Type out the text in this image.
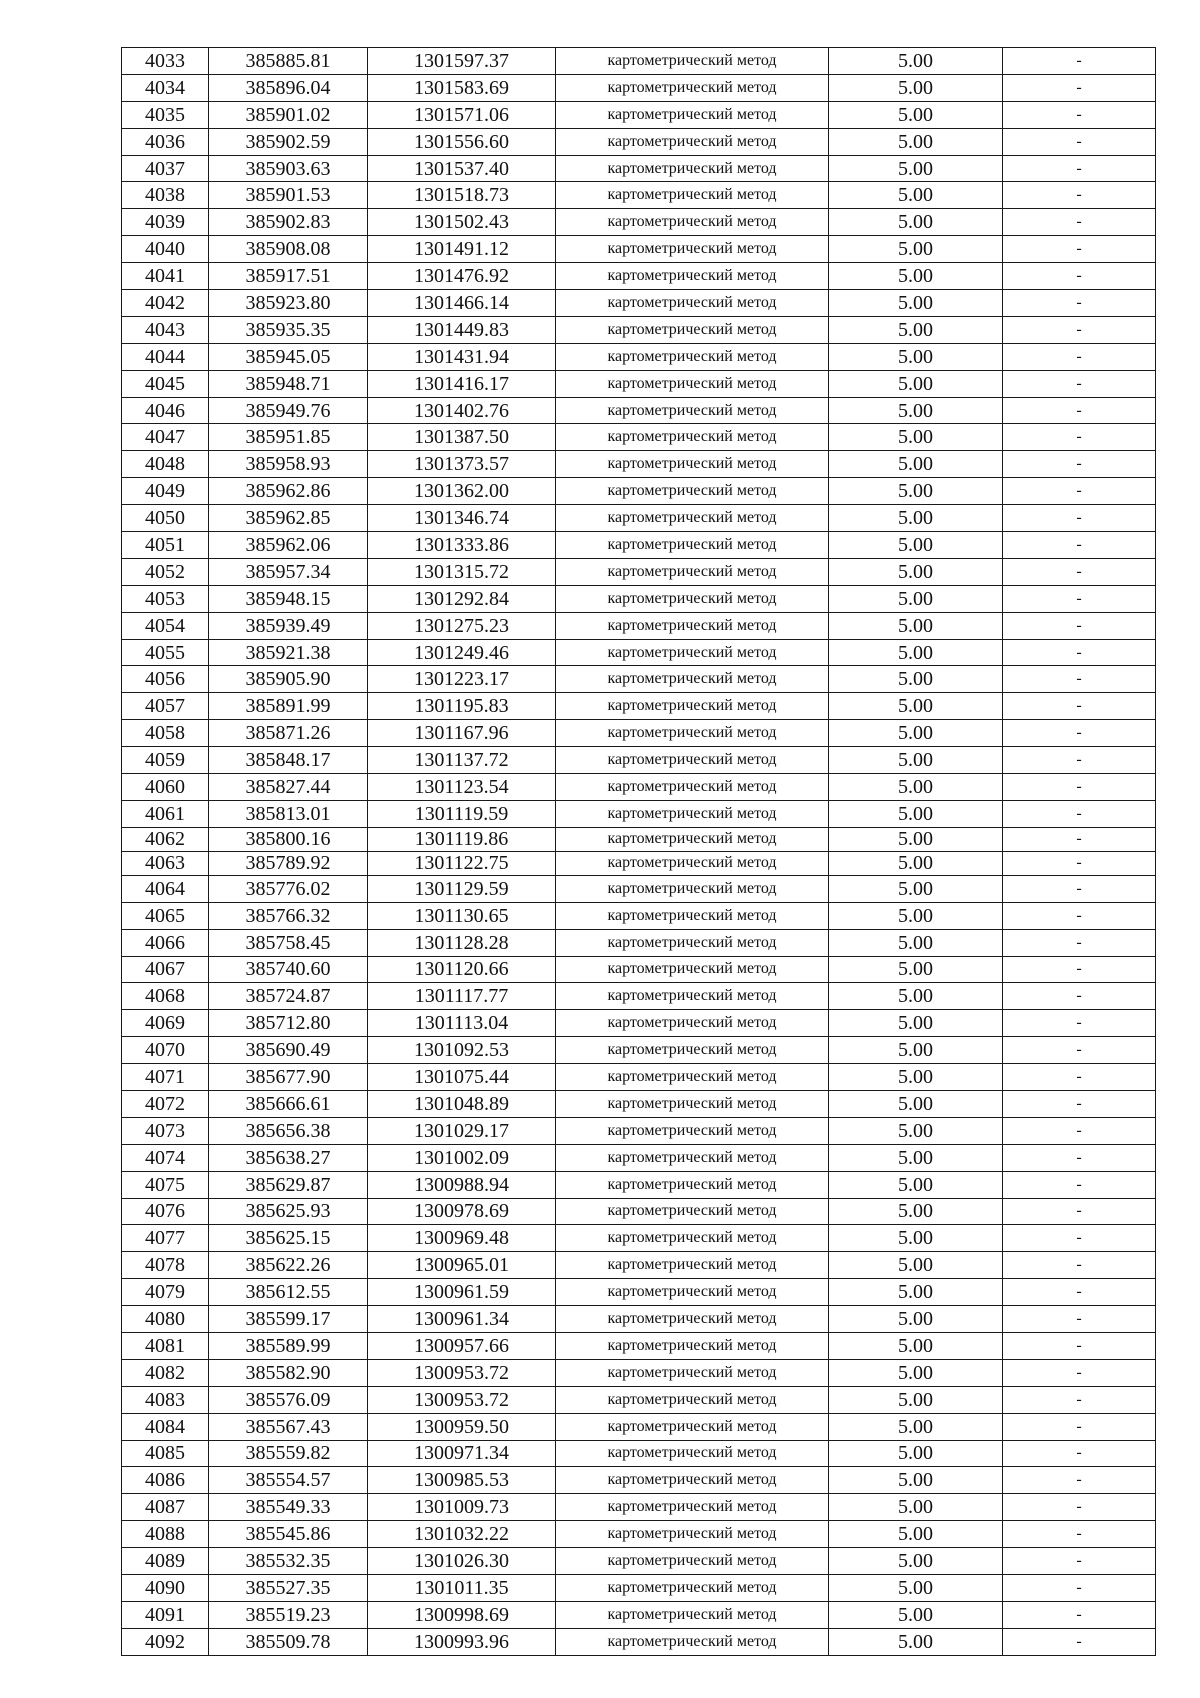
4033	385885.81	1301597.37	картометрический метод	5.00	-
4034	385896.04	1301583.69	картометрический метод	5.00	-
4035	385901.02	1301571.06	картометрический метод	5.00	-
4036	385902.59	1301556.60	картометрический метод	5.00	-
4037	385903.63	1301537.40	картометрический метод	5.00	-
4038	385901.53	1301518.73	картометрический метод	5.00	-
4039	385902.83	1301502.43	картометрический метод	5.00	-
4040	385908.08	1301491.12	картометрический метод	5.00	-
4041	385917.51	1301476.92	картометрический метод	5.00	-
4042	385923.80	1301466.14	картометрический метод	5.00	-
4043	385935.35	1301449.83	картометрический метод	5.00	-
4044	385945.05	1301431.94	картометрический метод	5.00	-
4045	385948.71	1301416.17	картометрический метод	5.00	-
4046	385949.76	1301402.76	картометрический метод	5.00	-
4047	385951.85	1301387.50	картометрический метод	5.00	-
4048	385958.93	1301373.57	картометрический метод	5.00	-
4049	385962.86	1301362.00	картометрический метод	5.00	-
4050	385962.85	1301346.74	картометрический метод	5.00	-
4051	385962.06	1301333.86	картометрический метод	5.00	-
4052	385957.34	1301315.72	картометрический метод	5.00	-
4053	385948.15	1301292.84	картометрический метод	5.00	-
4054	385939.49	1301275.23	картометрический метод	5.00	-
4055	385921.38	1301249.46	картометрический метод	5.00	-
4056	385905.90	1301223.17	картометрический метод	5.00	-
4057	385891.99	1301195.83	картометрический метод	5.00	-
4058	385871.26	1301167.96	картометрический метод	5.00	-
4059	385848.17	1301137.72	картометрический метод	5.00	-
4060	385827.44	1301123.54	картометрический метод	5.00	-
4061	385813.01	1301119.59	картометрический метод	5.00	-
4062	385800.16	1301119.86	картометрический метод	5.00	-
4063	385789.92	1301122.75	картометрический метод	5.00	-
4064	385776.02	1301129.59	картометрический метод	5.00	-
4065	385766.32	1301130.65	картометрический метод	5.00	-
4066	385758.45	1301128.28	картометрический метод	5.00	-
4067	385740.60	1301120.66	картометрический метод	5.00	-
4068	385724.87	1301117.77	картометрический метод	5.00	-
4069	385712.80	1301113.04	картометрический метод	5.00	-
4070	385690.49	1301092.53	картометрический метод	5.00	-
4071	385677.90	1301075.44	картометрический метод	5.00	-
4072	385666.61	1301048.89	картометрический метод	5.00	-
4073	385656.38	1301029.17	картометрический метод	5.00	-
4074	385638.27	1301002.09	картометрический метод	5.00	-
4075	385629.87	1300988.94	картометрический метод	5.00	-
4076	385625.93	1300978.69	картометрический метод	5.00	-
4077	385625.15	1300969.48	картометрический метод	5.00	-
4078	385622.26	1300965.01	картометрический метод	5.00	-
4079	385612.55	1300961.59	картометрический метод	5.00	-
4080	385599.17	1300961.34	картометрический метод	5.00	-
4081	385589.99	1300957.66	картометрический метод	5.00	-
4082	385582.90	1300953.72	картометрический метод	5.00	-
4083	385576.09	1300953.72	картометрический метод	5.00	-
4084	385567.43	1300959.50	картометрический метод	5.00	-
4085	385559.82	1300971.34	картометрический метод	5.00	-
4086	385554.57	1300985.53	картометрический метод	5.00	-
4087	385549.33	1301009.73	картометрический метод	5.00	-
4088	385545.86	1301032.22	картометрический метод	5.00	-
4089	385532.35	1301026.30	картометрический метод	5.00	-
4090	385527.35	1301011.35	картометрический метод	5.00	-
4091	385519.23	1300998.69	картометрический метод	5.00	-
4092	385509.78	1300993.96	картометрический метод	5.00	-
